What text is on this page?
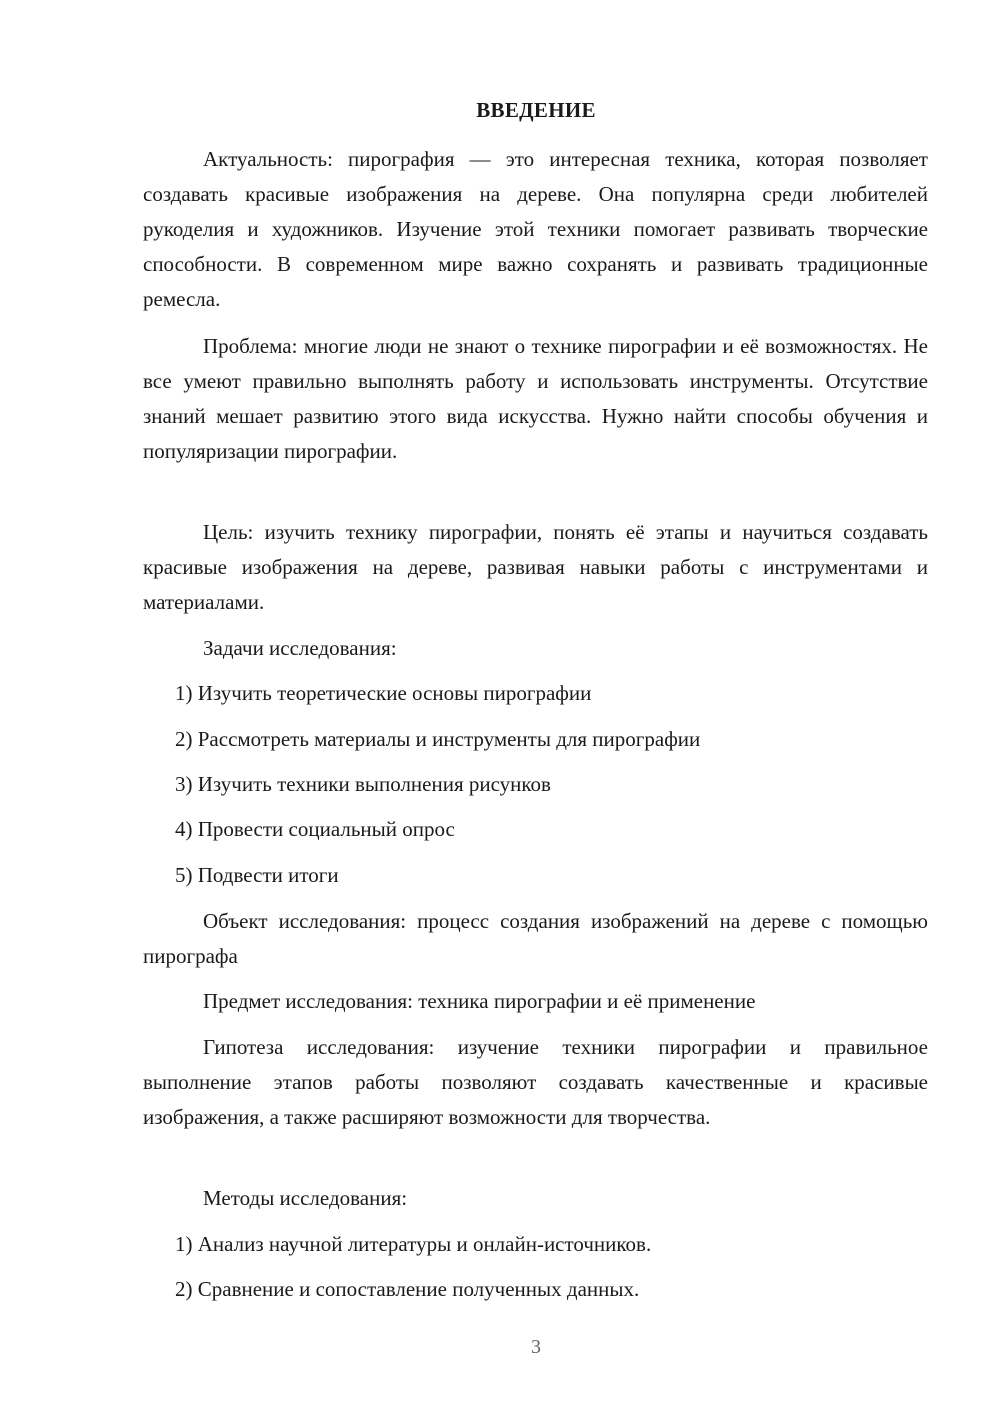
ВВЕДЕНИЕ

Актуальность: пирография — это интересная техника, которая позволяет создавать красивые изображения на дереве. Она популярна среди любителей рукоделия и художников. Изучение этой техники помогает развивать творческие способности. В современном мире важно сохранять и развивать традиционные ремесла.

Проблема: многие люди не знают о технике пирографии и её возможностях. Не все умеют правильно выполнять работу и использовать инструменты. Отсутствие знаний мешает развитию этого вида искусства. Нужно найти способы обучения и популяризации пирографии.

Цель: изучить технику пирографии, понять её этапы и научиться создавать красивые изображения на дереве, развивая навыки работы с инструментами и материалами.

Задачи исследования:

1) Изучить теоретические основы пирографии
2) Рассмотреть материалы и инструменты для пирографии
3) Изучить техники выполнения рисунков
4) Провести социальный опрос
5) Подвести итоги

Объект исследования: процесс создания изображений на дереве с помощью пирографа

Предмет исследования: техника пирографии и её применение

Гипотеза исследования: изучение техники пирографии и правильное выполнение этапов работы позволяют создавать качественные и красивые изображения, а также расширяют возможности для творчества.

Методы исследования:

1) Анализ научной литературы и онлайн-источников.
2) Сравнение и сопоставление полученных данных.
3
